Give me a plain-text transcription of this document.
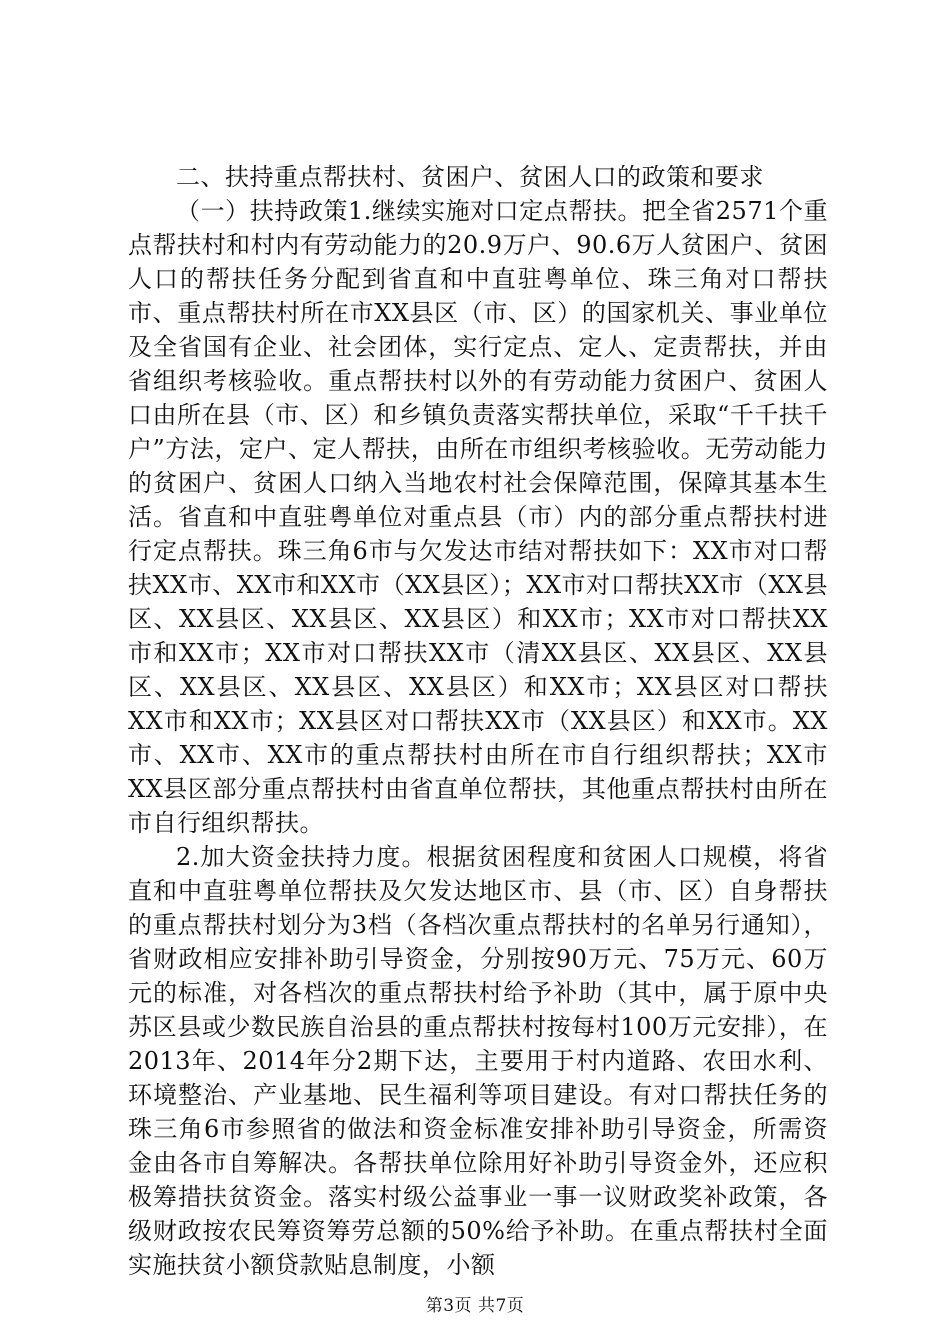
二、扶持重点帮扶村、贫困户、贫困人口的政策和要求

（一）扶持政策1.继续实施对口定点帮扶。把全省2571个重点帮扶村和村内有劳动能力的20.9万户、90.6万人贫困户、贫困人口的帮扶任务分配到省直和中直驻粤单位、珠三角对口帮扶市、重点帮扶村所在市XX县区（市、区）的国家机关、事业单位及全省国有企业、社会团体，实行定点、定人、定责帮扶，并由省组织考核验收。重点帮扶村以外的有劳动能力贫困户、贫困人口由所在县（市、区）和乡镇负责落实帮扶单位，采取“千千扶千户”方法，定户、定人帮扶，由所在市组织考核验收。无劳动能力的贫困户、贫困人口纳入当地农村社会保障范围，保障其基本生活。省直和中直驻粤单位对重点县（市）内的部分重点帮扶村进行定点帮扶。珠三角6市与欠发达市结对帮扶如下：XX市对口帮扶XX市、XX市和XX市（XX县区）；XX市对口帮扶XX市（XX县区、XX县区、XX县区、XX县区）和XX市；XX市对口帮扶XX市和XX市；XX市对口帮扶XX市（清XX县区、XX县区、XX县区、XX县区、XX县区、XX县区）和XX市；XX县区对口帮扶XX市和XX市；XX县区对口帮扶XX市（XX县区）和XX市。XX市、XX市、XX市的重点帮扶村由所在市自行组织帮扶；XX市XX县区部分重点帮扶村由省直单位帮扶，其他重点帮扶村由所在市自行组织帮扶。

2.加大资金扶持力度。根据贫困程度和贫困人口规模，将省直和中直驻粤单位帮扶及欠发达地区市、县（市、区）自身帮扶的重点帮扶村划分为3档（各档次重点帮扶村的名单另行通知），省财政相应安排补助引导资金，分别按90万元、75万元、60万元的标准，对各档次的重点帮扶村给予补助（其中，属于原中央苏区县或少数民族自治县的重点帮扶村按每村100万元安排），在2013年、2014年分2期下达，主要用于村内道路、农田水利、环境整治、产业基地、民生福利等项目建设。有对口帮扶任务的珠三角6市参照省的做法和资金标准安排补助引导资金，所需资金由各市自筹解决。各帮扶单位除用好补助引导资金外，还应积极筹措扶贫资金。落实村级公益事业一事一议财政奖补政策，各级财政按农民筹资筹劳总额的50%给予补助。在重点帮扶村全面实施扶贫小额贷款贴息制度，小额

第3页 共7页
